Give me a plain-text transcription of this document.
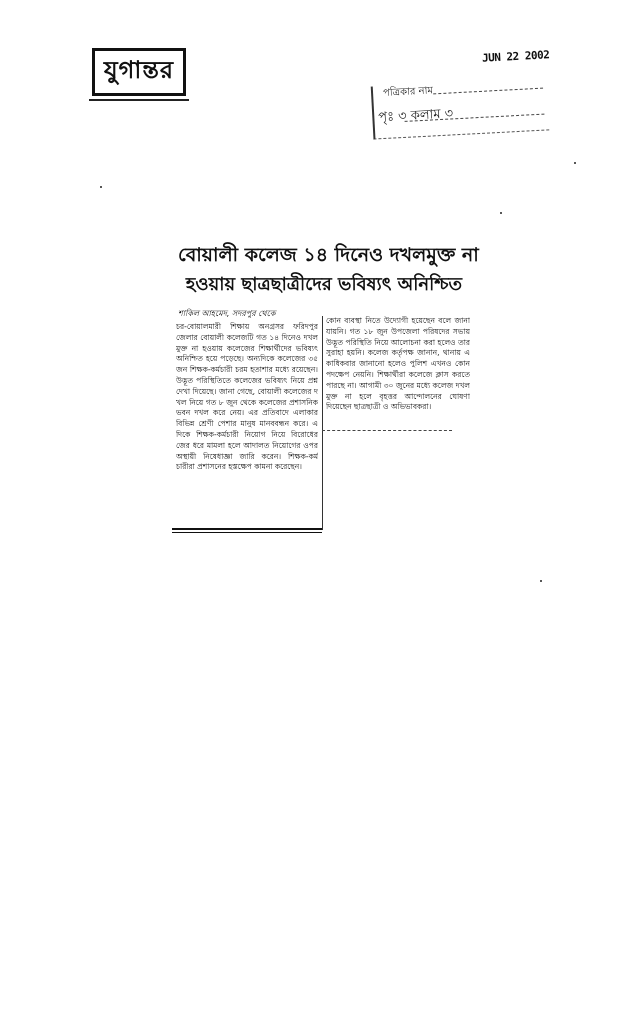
যুগান্তর	JUN 22 2002
পত্রিকার নাম
পৃঃ ৩ কলাম ৩
বোয়ালী কলেজ ১৪ দিনেও দখলমুক্ত না
হওয়ায় ছাত্রছাত্রীদের ভবিষ্যৎ অনিশ্চিত
শাকিল আহমেদ, সদরপুর থেকে
চর-বোয়ালমারী শিক্ষায় অনগ্রসর ফরিদপুর জেলার বোয়ালী কলেজটি গত ১৪ দিনেও দখলমুক্ত না হওয়ায় কলেজের শিক্ষার্থীদের ভবিষ্যৎ অনিশ্চিত হয়ে পড়েছে। অন্যদিকে কলেজের ৩৫ জন শিক্ষক-কর্মচারী চরম হতাশার মধ্যে রয়েছেন। উদ্ভূত পরিস্থিতিতে কলেজের ভবিষ্যৎ নিয়ে প্রশ্ন দেখা দিয়েছে। জানা গেছে, বোয়ালী কলেজের দখল নিয়ে গত ৮ জুন থেকে কলেজের প্রশাসনিক ভবন দখল করে নেয়। এর প্রতিবাদে এলাকার বিভিন্ন শ্রেণী পেশার মানুষ মানববন্ধন করে। এদিকে শিক্ষক-কর্মচারী নিয়োগ নিয়ে বিরোধের জের ধরে মামলা হলে আদালত নিয়োগের ওপর অস্থায়ী নিষেধাজ্ঞা জারি করেন। শিক্ষক-কর্মচারীরা প্রশাসনের হস্তক্ষেপ কামনা করেছেন।
কোন ব্যবস্থা নিতে উদ্যোগী হয়েছেন বলে জানা যায়নি। গত ১৮ জুন উপজেলা পরিষদের সভায় উদ্ভূত পরিস্থিতি নিয়ে আলোচনা করা হলেও তার সুরাহা হয়নি। কলেজ কর্তৃপক্ষ জানান, থানায় একাধিকবার জানানো হলেও পুলিশ এখনও কোন পদক্ষেপ নেয়নি। শিক্ষার্থীরা কলেজে ক্লাস করতে পারছে না। আগামী ৩০ জুনের মধ্যে কলেজ দখলমুক্ত না হলে বৃহত্তর আন্দোলনের ঘোষণা দিয়েছেন ছাত্রছাত্রী ও অভিভাবকরা।
